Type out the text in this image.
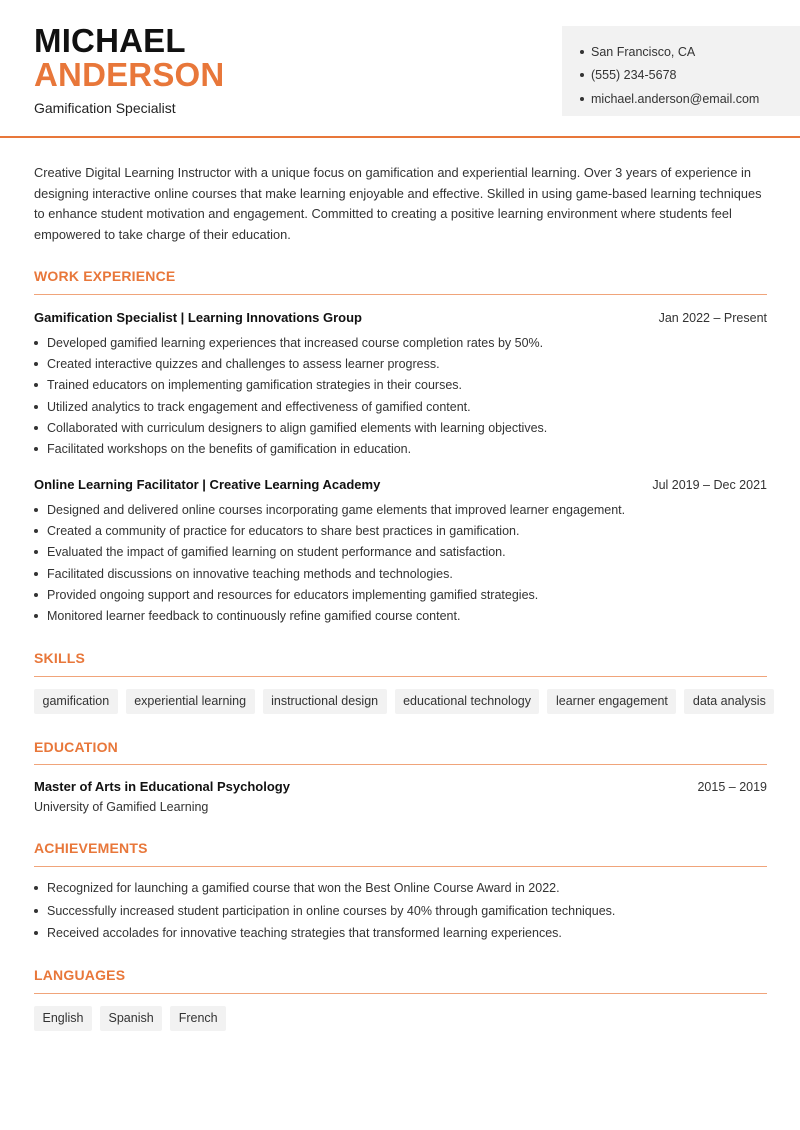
MICHAEL
ANDERSON
Gamification Specialist
San Francisco, CA
(555) 234-5678
michael.anderson@email.com

Creative Digital Learning Instructor with a unique focus on gamification and experiential learning. Over 3 years of experience in designing interactive online courses that make learning enjoyable and effective. Skilled in using game-based learning techniques to enhance student motivation and engagement. Committed to creating a positive learning environment where students feel empowered to take charge of their education.

WORK EXPERIENCE
Gamification Specialist | Learning Innovations Group	Jan 2022 – Present
Developed gamified learning experiences that increased course completion rates by 50%.
Created interactive quizzes and challenges to assess learner progress.
Trained educators on implementing gamification strategies in their courses.
Utilized analytics to track engagement and effectiveness of gamified content.
Collaborated with curriculum designers to align gamified elements with learning objectives.
Facilitated workshops on the benefits of gamification in education.
Online Learning Facilitator | Creative Learning Academy	Jul 2019 – Dec 2021
Designed and delivered online courses incorporating game elements that improved learner engagement.
Created a community of practice for educators to share best practices in gamification.
Evaluated the impact of gamified learning on student performance and satisfaction.
Facilitated discussions on innovative teaching methods and technologies.
Provided ongoing support and resources for educators implementing gamified strategies.
Monitored learner feedback to continuously refine gamified course content.
SKILLS
gamification	experiential learning	instructional design	educational technology	learner engagement	data analysis
EDUCATION
Master of Arts in Educational Psychology	2015 – 2019
University of Gamified Learning
ACHIEVEMENTS
Recognized for launching a gamified course that won the Best Online Course Award in 2022.
Successfully increased student participation in online courses by 40% through gamification techniques.
Received accolades for innovative teaching strategies that transformed learning experiences.
LANGUAGES
English	Spanish	French
